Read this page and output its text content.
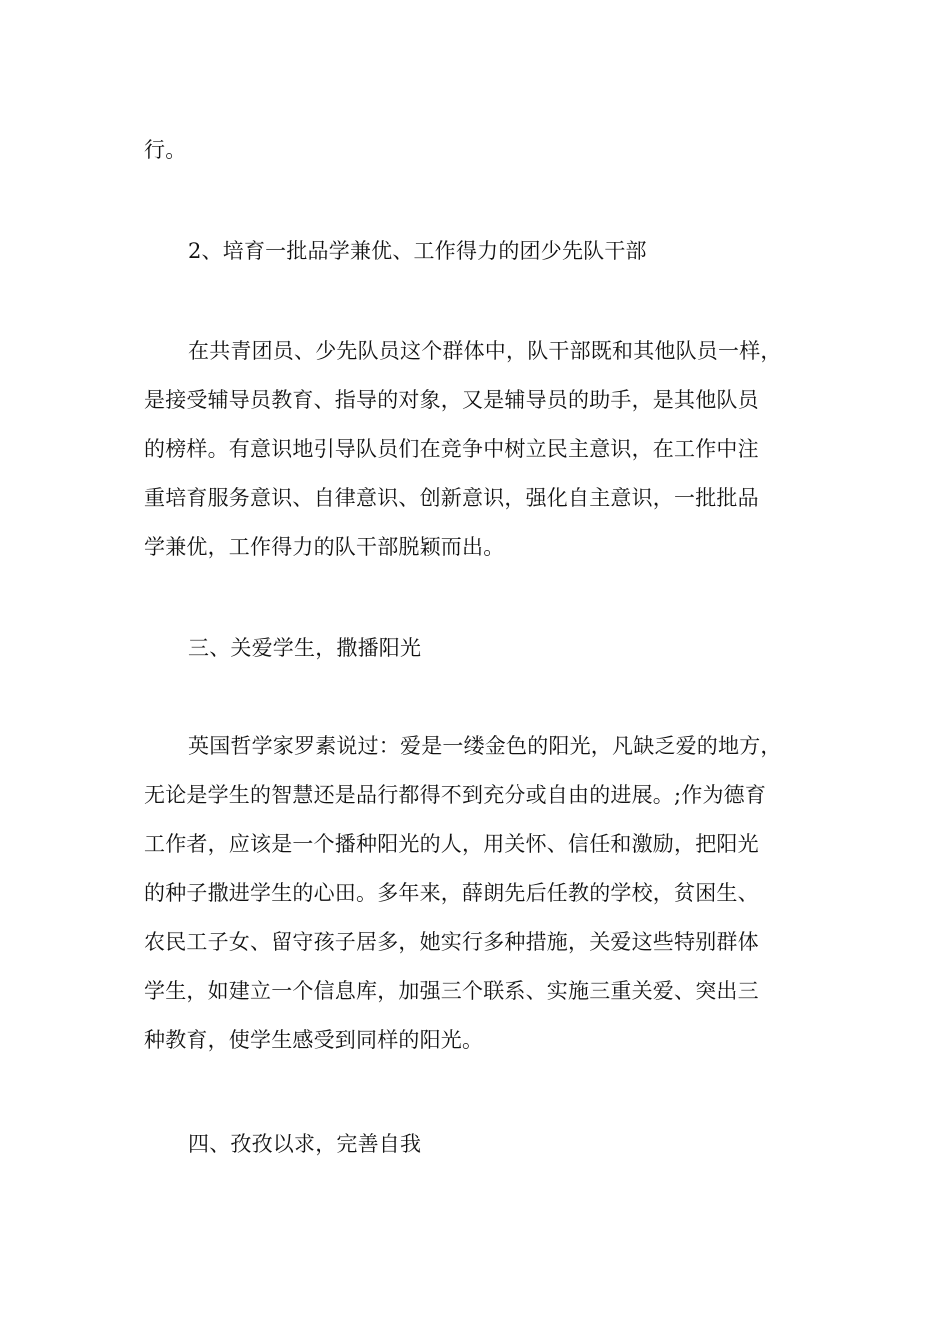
行。
2、培育一批品学兼优、工作得力的团少先队干部
在共青团员、少先队员这个群体中，队干部既和其他队员一样，
是接受辅导员教育、指导的对象，又是辅导员的助手，是其他队员
的榜样。有意识地引导队员们在竞争中树立民主意识，在工作中注
重培育服务意识、自律意识、创新意识，强化自主意识，一批批品
学兼优，工作得力的队干部脱颖而出。
三、关爱学生，撒播阳光
英国哲学家罗素说过：爱是一缕金色的阳光，凡缺乏爱的地方，
无论是学生的智慧还是品行都得不到充分或自由的进展。;作为德育
工作者，应该是一个播种阳光的人，用关怀、信任和激励，把阳光
的种子撒进学生的心田。多年来，薛朗先后任教的学校，贫困生、
农民工子女、留守孩子居多，她实行多种措施，关爱这些特别群体
学生，如建立一个信息库，加强三个联系、实施三重关爱、突出三
种教育，使学生感受到同样的阳光。
四、孜孜以求，完善自我
